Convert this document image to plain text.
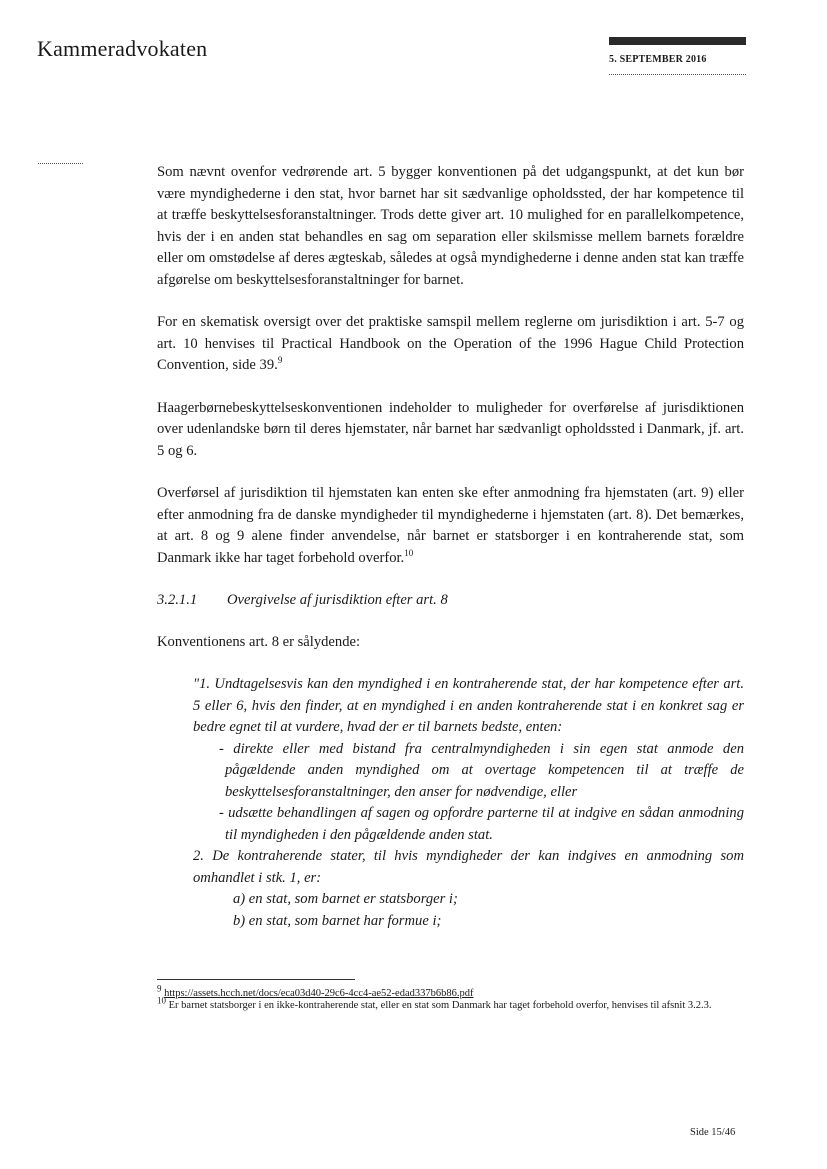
Kammeradvokaten	5. SEPTEMBER 2016

Som nævnt ovenfor vedrørende art. 5 bygger konventionen på det udgangspunkt, at det kun bør være myndighederne i den stat, hvor barnet har sit sædvanlige opholdssted, der har kompetence til at træffe beskyttelsesforanstaltninger. Trods dette giver art. 10 mulighed for en parallelkompetence, hvis der i en anden stat behandles en sag om separation eller skilsmisse mellem barnets forældre eller om omstødelse af deres ægteskab, således at også myndighederne i denne anden stat kan træffe afgørelse om beskyttelsesforanstaltninger for barnet.

For en skematisk oversigt over det praktiske samspil mellem reglerne om jurisdiktion i art. 5-7 og art. 10 henvises til Practical Handbook on the Operation of the 1996 Hague Child Protection Convention, side 39.$^9$

Haagerbørnebeskyttelseskonventionen indeholder to muligheder for overførelse af jurisdiktionen over udenlandske børn til deres hjemstater, når barnet har sædvanligt opholdssted i Danmark, jf. art. 5 og 6.

Overførsel af jurisdiktion til hjemstaten kan enten ske efter anmodning fra hjemstaten (art. 9) eller efter anmodning fra de danske myndigheder til myndighederne i hjemstaten (art. 8). Det bemærkes, at art. 8 og 9 alene finder anvendelse, når barnet er statsborger i en kontraherende stat, som Danmark ikke har taget forbehold overfor.$^{10}$

3.2.1.1 Overgivelse af jurisdiktion efter art. 8

Konventionens art. 8 er sålydende:

"1. Undtagelsesvis kan den myndighed i en kontraherende stat, der har kompetence efter art. 5 eller 6, hvis den finder, at en myndighed i en anden kontraherende stat i en konkret sag er bedre egnet til at vurdere, hvad der er til barnets bedste, enten:

- direkte eller med bistand fra centralmyndigheden i sin egen stat anmode den pågældende anden myndighed om at overtage kompetencen til at træffe de beskyttelsesforanstaltninger, den anser for nødvendige, eller

- udsætte behandlingen af sagen og opfordre parterne til at indgive en sådan anmodning til myndigheden i den pågældende anden stat.

2. De kontraherende stater, til hvis myndigheder der kan indgives en anmodning som omhandlet i stk. 1, er:

a) en stat, som barnet er statsborger i;

b) en stat, som barnet har formue i;

9 https://assets.hcch.net/docs/eca03d40-29c6-4cc4-ae52-edad337b6b86.pdf

10 Er barnet statsborger i en ikke-kontraherende stat, eller en stat som Danmark har taget forbehold overfor, henvises til afsnit 3.2.3.

Side 15/46
